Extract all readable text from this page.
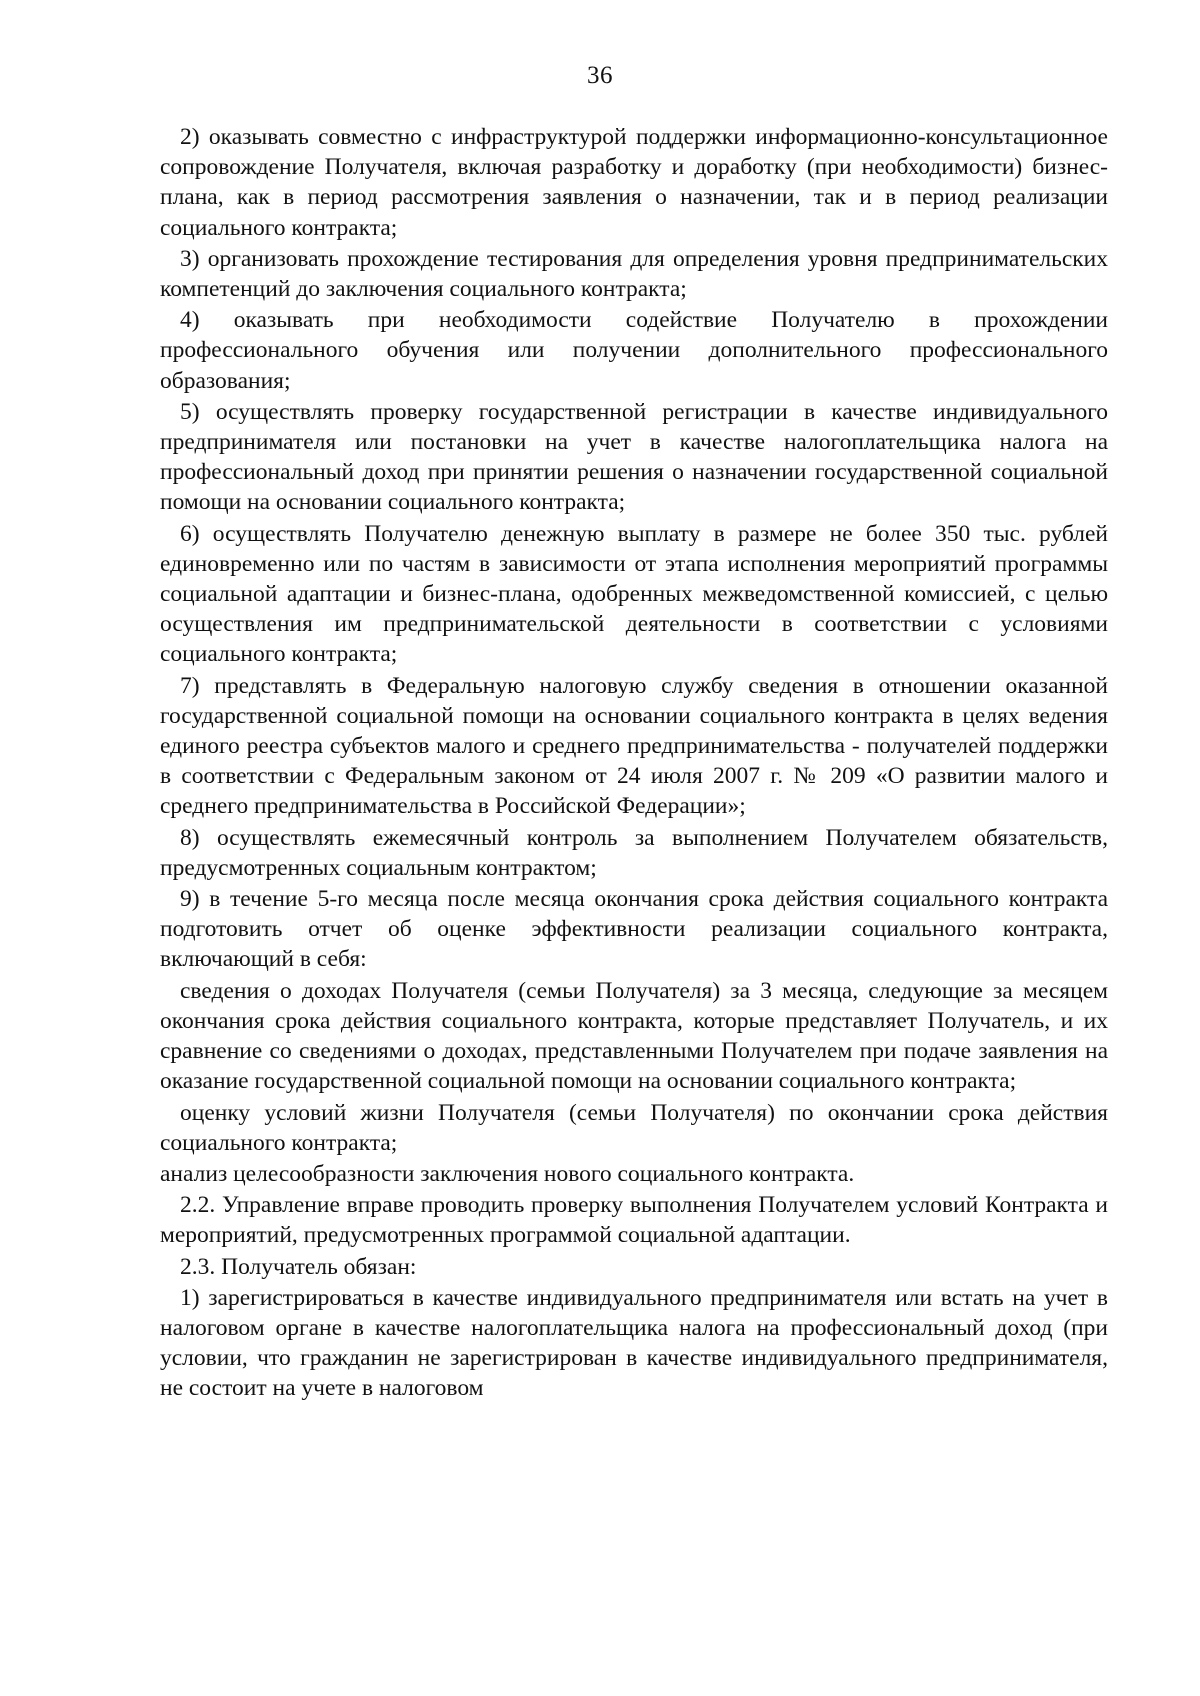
36

2) оказывать совместно с инфраструктурой поддержки информационно-консультационное сопровождение Получателя, включая разработку и доработку (при необходимости) бизнес-плана, как в период рассмотрения заявления о назначении, так и в период реализации социального контракта;

3) организовать прохождение тестирования для определения уровня предпринимательских компетенций до заключения социального контракта;

4) оказывать при необходимости содействие Получателю в прохождении профессионального обучения или получении дополнительного профессионального образования;

5) осуществлять проверку государственной регистрации в качестве индивидуального предпринимателя или постановки на учет в качестве налогоплательщика налога на профессиональный доход при принятии решения о назначении государственной социальной помощи на основании социального контракта;

6) осуществлять Получателю денежную выплату в размере не более 350 тыс. рублей единовременно или по частям в зависимости от этапа исполнения мероприятий программы социальной адаптации и бизнес-плана, одобренных межведомственной комиссией, с целью осуществления им предпринимательской деятельности в соответствии с условиями социального контракта;

7) представлять в Федеральную налоговую службу сведения в отношении оказанной государственной социальной помощи на основании социального контракта в целях ведения единого реестра субъектов малого и среднего предпринимательства - получателей поддержки в соответствии с Федеральным законом от 24 июля 2007 г. № 209 «О развитии малого и среднего предпринимательства в Российской Федерации»;

8) осуществлять ежемесячный контроль за выполнением Получателем обязательств, предусмотренных социальным контрактом;

9) в течение 5-го месяца после месяца окончания срока действия социального контракта подготовить отчет об оценке эффективности реализации социального контракта, включающий в себя:

сведения о доходах Получателя (семьи Получателя) за 3 месяца, следующие за месяцем окончания срока действия социального контракта, которые представляет Получатель, и их сравнение со сведениями о доходах, представленными Получателем при подаче заявления на оказание государственной социальной помощи на основании социального контракта;

оценку условий жизни Получателя (семьи Получателя) по окончании срока действия социального контракта;

анализ целесообразности заключения нового социального контракта.

2.2. Управление вправе проводить проверку выполнения Получателем условий Контракта и мероприятий, предусмотренных программой социальной адаптации.

2.3. Получатель обязан:

1) зарегистрироваться в качестве индивидуального предпринимателя или встать на учет в налоговом органе в качестве налогоплательщика налога на профессиональный доход (при условии, что гражданин не зарегистрирован в качестве индивидуального предпринимателя, не состоит на учете в налоговом
